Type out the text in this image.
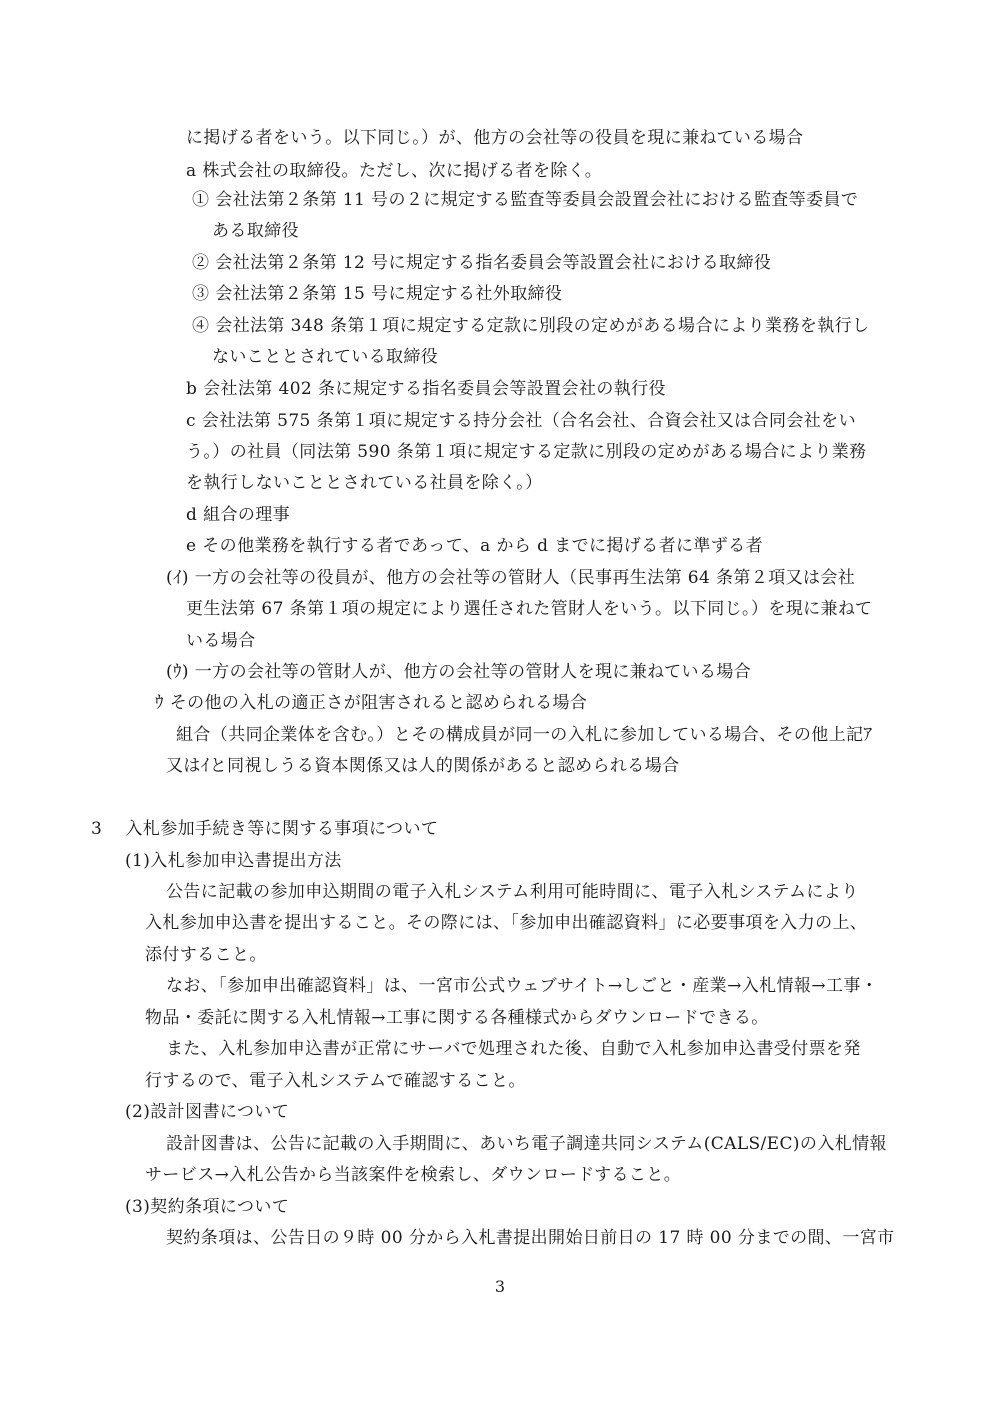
に掲げる者をいう。以下同じ。）が、他方の会社等の役員を現に兼ねている場合
a 株式会社の取締役。ただし、次に掲げる者を除く。
① 会社法第２条第 11 号の２に規定する監査等委員会設置会社における監査等委員で
ある取締役
② 会社法第２条第 12 号に規定する指名委員会等設置会社における取締役
③ 会社法第２条第 15 号に規定する社外取締役
④ 会社法第 348 条第１項に規定する定款に別段の定めがある場合により業務を執行し
ないこととされている取締役
b 会社法第 402 条に規定する指名委員会等設置会社の執行役
c 会社法第 575 条第１項に規定する持分会社（合名会社、合資会社又は合同会社をい
う。）の社員（同法第 590 条第１項に規定する定款に別段の定めがある場合により業務
を執行しないこととされている社員を除く。）
d 組合の理事
e その他業務を執行する者であって、a から d までに掲げる者に準ずる者
(ｲ) 一方の会社等の役員が、他方の会社等の管財人（民事再生法第 64 条第２項又は会社
更生法第 67 条第１項の規定により選任された管財人をいう。以下同じ。）を現に兼ねて
いる場合
(ｳ) 一方の会社等の管財人が、他方の会社等の管財人を現に兼ねている場合
ｳ その他の入札の適正さが阻害されると認められる場合
組合（共同企業体を含む。）とその構成員が同一の入札に参加している場合、その他上記ｱ
又はｲと同視しうる資本関係又は人的関係があると認められる場合
3　 入札参加手続き等に関する事項について
(1)入札参加申込書提出方法
公告に記載の参加申込期間の電子入札システム利用可能時間に、電子入札システムにより
入札参加申込書を提出すること。その際には、「参加申出確認資料」に必要事項を入力の上、
添付すること。
なお、「参加申出確認資料」は、一宮市公式ウェブサイト→しごと・産業→入札情報→工事・
物品・委託に関する入札情報→工事に関する各種様式からダウンロードできる。
また、入札参加申込書が正常にサーバで処理された後、自動で入札参加申込書受付票を発
行するので、電子入札システムで確認すること。
(2)設計図書について
設計図書は、公告に記載の入手期間に、あいち電子調達共同システム(CALS/EC)の入札情報
サービス→入札公告から当該案件を検索し、ダウンロードすること。
(3)契約条項について
契約条項は、公告日の９時 00 分から入札書提出開始日前日の 17 時 00 分までの間、一宮市
3
